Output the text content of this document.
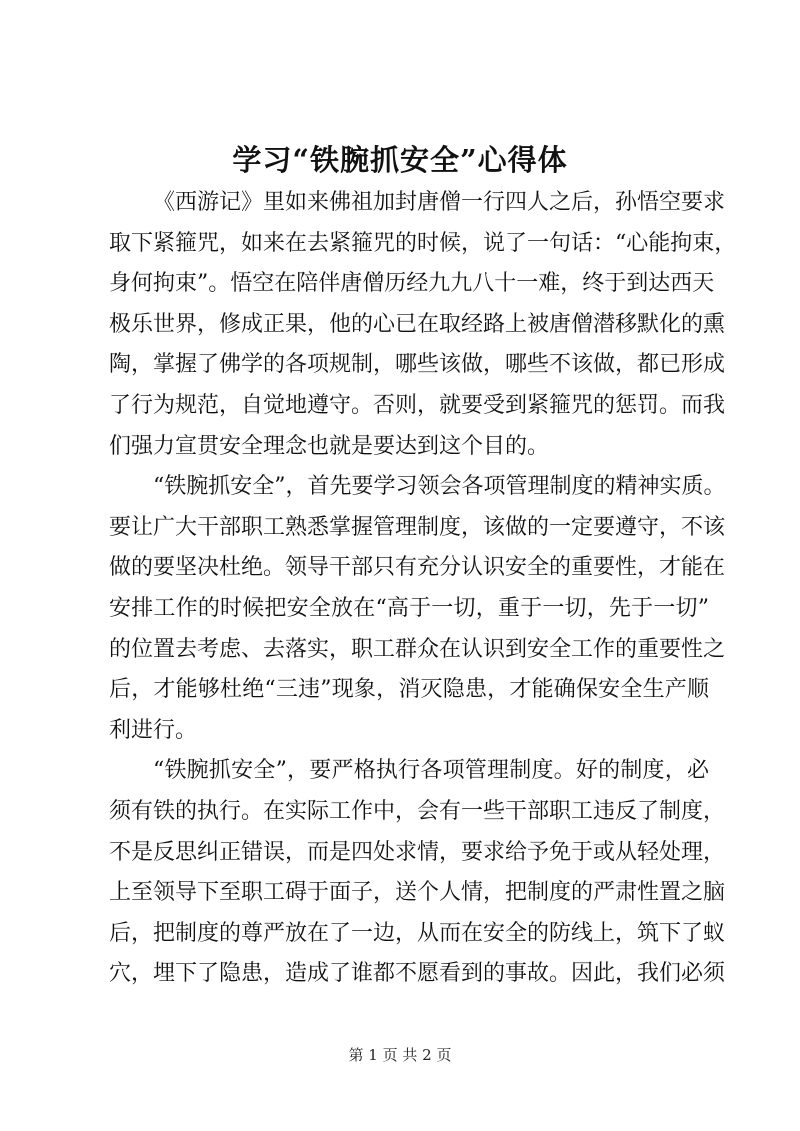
学习“铁腕抓安全”心得体

《西游记》里如来佛祖加封唐僧一行四人之后，孙悟空要求
取下紧箍咒，如来在去紧箍咒的时候，说了一句话：“心能拘束，
身何拘束”。悟空在陪伴唐僧历经九九八十一难，终于到达西天
极乐世界，修成正果，他的心已在取经路上被唐僧潜移默化的熏
陶，掌握了佛学的各项规制，哪些该做，哪些不该做，都已形成
了行为规范，自觉地遵守。否则，就要受到紧箍咒的惩罚。而我
们强力宣贯安全理念也就是要达到这个目的。

“铁腕抓安全”，首先要学习领会各项管理制度的精神实质。
要让广大干部职工熟悉掌握管理制度，该做的一定要遵守，不该
做的要坚决杜绝。领导干部只有充分认识安全的重要性，才能在
安排工作的时候把安全放在“高于一切，重于一切，先于一切”
的位置去考虑、去落实，职工群众在认识到安全工作的重要性之
后，才能够杜绝“三违”现象，消灭隐患，才能确保安全生产顺
利进行。

“铁腕抓安全”，要严格执行各项管理制度。好的制度，必
须有铁的执行。在实际工作中，会有一些干部职工违反了制度，
不是反思纠正错误，而是四处求情，要求给予免于或从轻处理，
上至领导下至职工碍于面子，送个人情，把制度的严肃性置之脑
后，把制度的尊严放在了一边，从而在安全的防线上，筑下了蚁
穴，埋下了隐患，造成了谁都不愿看到的事故。因此，我们必须

第 1 页 共 2 页
